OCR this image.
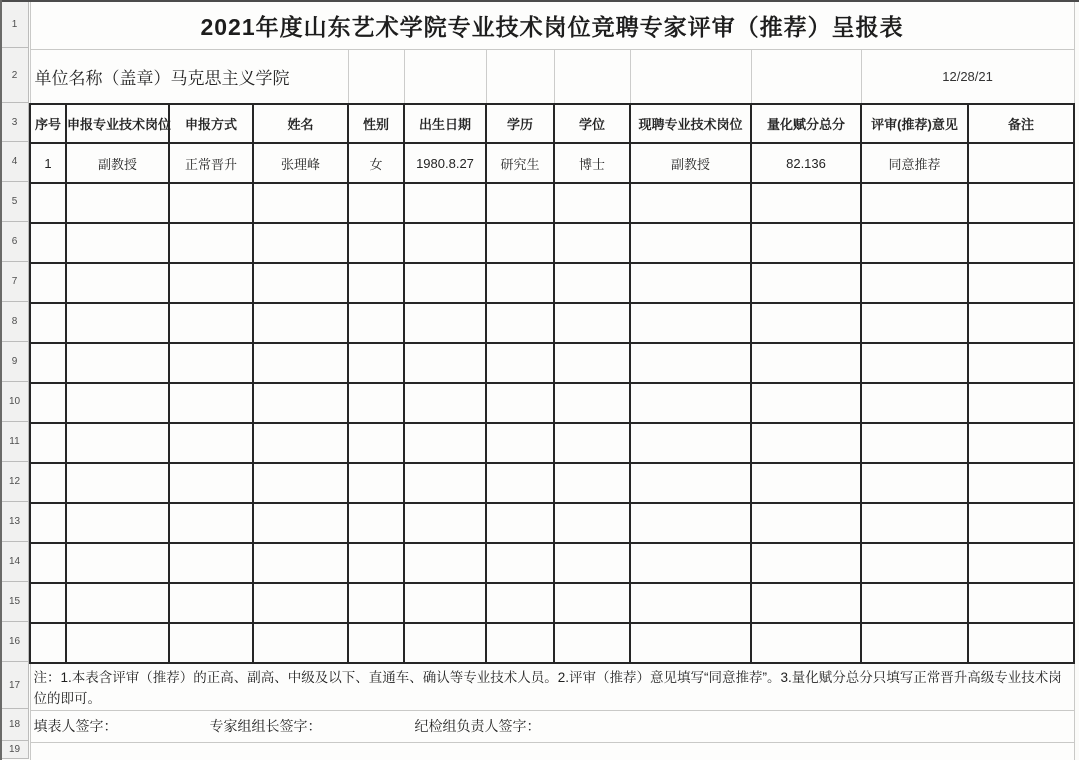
1
2
3
4
5
6
7
8
9
10
11
12
13
14
15
16
17
18
19
2021年度山东艺术学院专业技术岗位竞聘专家评审（推荐）呈报表											
单位名称（盖章）马克思主义学院										12/28/21	
序号	申报专业技术岗位	申报方式	姓名	性别	出生日期	学历	学位	现聘专业技术岗位	量化赋分总分	评审(推荐)意见	备注
1	副教授	正常晋升	张理峰	女	1980.8.27	研究生	博士	副教授	82.136	同意推荐	

注：1.本表含评审（推荐）的正高、副高、中级及以下、直通车、确认等专业技术人员。2.评审（推荐）意见填写“同意推荐”。3.量化赋分总分只填写正常晋升高级专业技术岗位的即可。											

填表人签字： 专家组组长签字： 纪检组负责人签字：											
